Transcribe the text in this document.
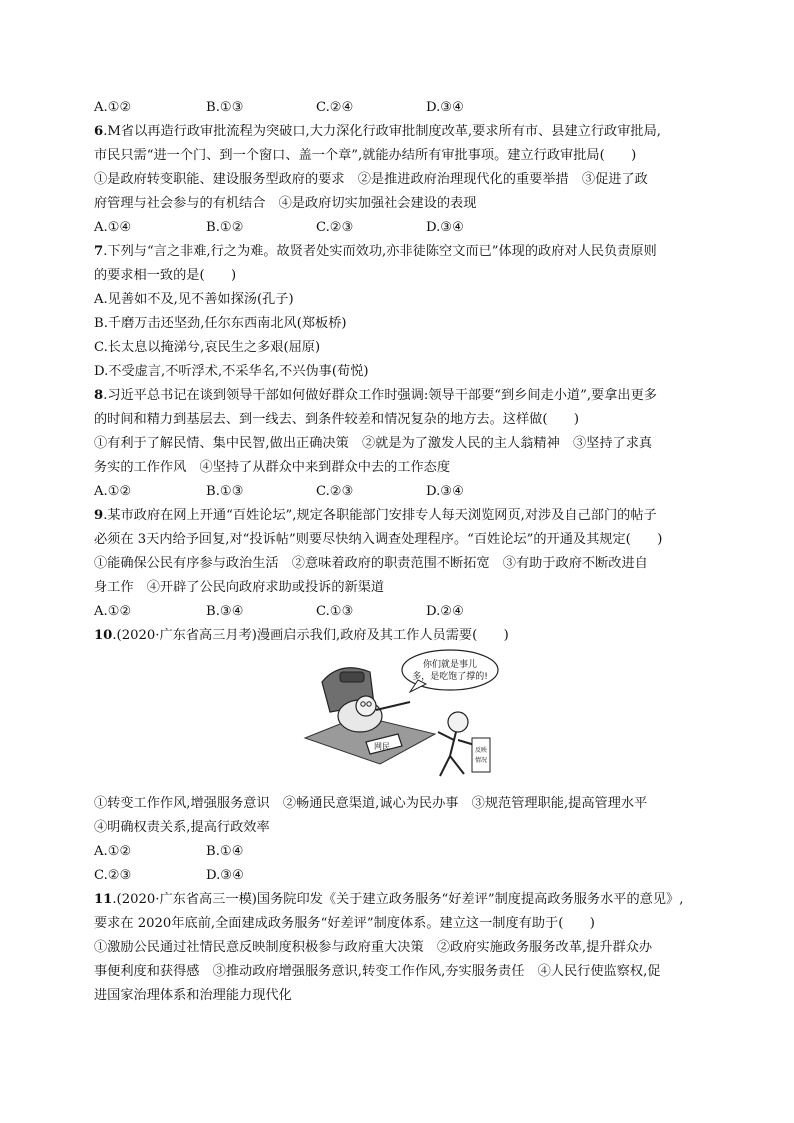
A.①②	B.①③	C.②④	D.③④
6.M省以再造行政审批流程为突破口,大力深化行政审批制度改革,要求所有市、县建立行政审批局,
市民只需“进一个门、到一个窗口、盖一个章”,就能办结所有审批事项。建立行政审批局(　　)
①是政府转变职能、建设服务型政府的要求　②是推进政府治理现代化的重要举措　③促进了政
府管理与社会参与的有机结合　④是政府切实加强社会建设的表现
A.①④	B.①②	C.②③	D.③④
7.下列与“言之非难,行之为难。故贤者处实而效功,亦非徒陈空文而已”体现的政府对人民负责原则
的要求相一致的是(　　)
A.见善如不及,见不善如探汤(孔子)
B.千磨万击还坚劲,任尔东西南北风(郑板桥)
C.长太息以掩涕兮,哀民生之多艰(屈原)
D.不受虚言,不听浮术,不采华名,不兴伪事(荀悦)
8.习近平总书记在谈到领导干部如何做好群众工作时强调:领导干部要“到乡间走小道”,要拿出更多
的时间和精力到基层去、到一线去、到条件较差和情况复杂的地方去。这样做(　　)
①有利于了解民情、集中民智,做出正确决策　②就是为了激发人民的主人翁精神　③坚持了求真
务实的工作作风　④坚持了从群众中来到群众中去的工作态度
A.①②	B.①③	C.②③	D.③④
9.某市政府在网上开通“百姓论坛”,规定各职能部门安排专人每天浏览网页,对涉及自己部门的帖子
必须在 3天内给予回复,对“投诉帖”则要尽快纳入调查处理程序。“百姓论坛”的开通及其规定(　　)
①能确保公民有序参与政治生活　②意味着政府的职责范围不断拓宽　③有助于政府不断改进自
身工作　④开辟了公民向政府求助或投诉的新渠道
A.①②	B.③④	C.①③	D.②④
10.(2020·广东省高三月考)漫画启示我们,政府及其工作人员需要(　　)
网民
你们就是事儿
多，是吃饱了撑的!
反映
情况
①转变工作作风,增强服务意识　②畅通民意渠道,诚心为民办事　③规范管理职能,提高管理水平
④明确权责关系,提高行政效率
A.①②	B.①④
C.②③	D.③④
11.(2020·广东省高三一模)国务院印发《关于建立政务服务“好差评”制度提高政务服务水平的意见》,
要求在 2020年底前,全面建成政务服务“好差评”制度体系。建立这一制度有助于(　　)
①激励公民通过社情民意反映制度积极参与政府重大决策　②政府实施政务服务改革,提升群众办
事便利度和获得感　③推动政府增强服务意识,转变工作作风,夯实服务责任　④人民行使监察权,促
进国家治理体系和治理能力现代化
